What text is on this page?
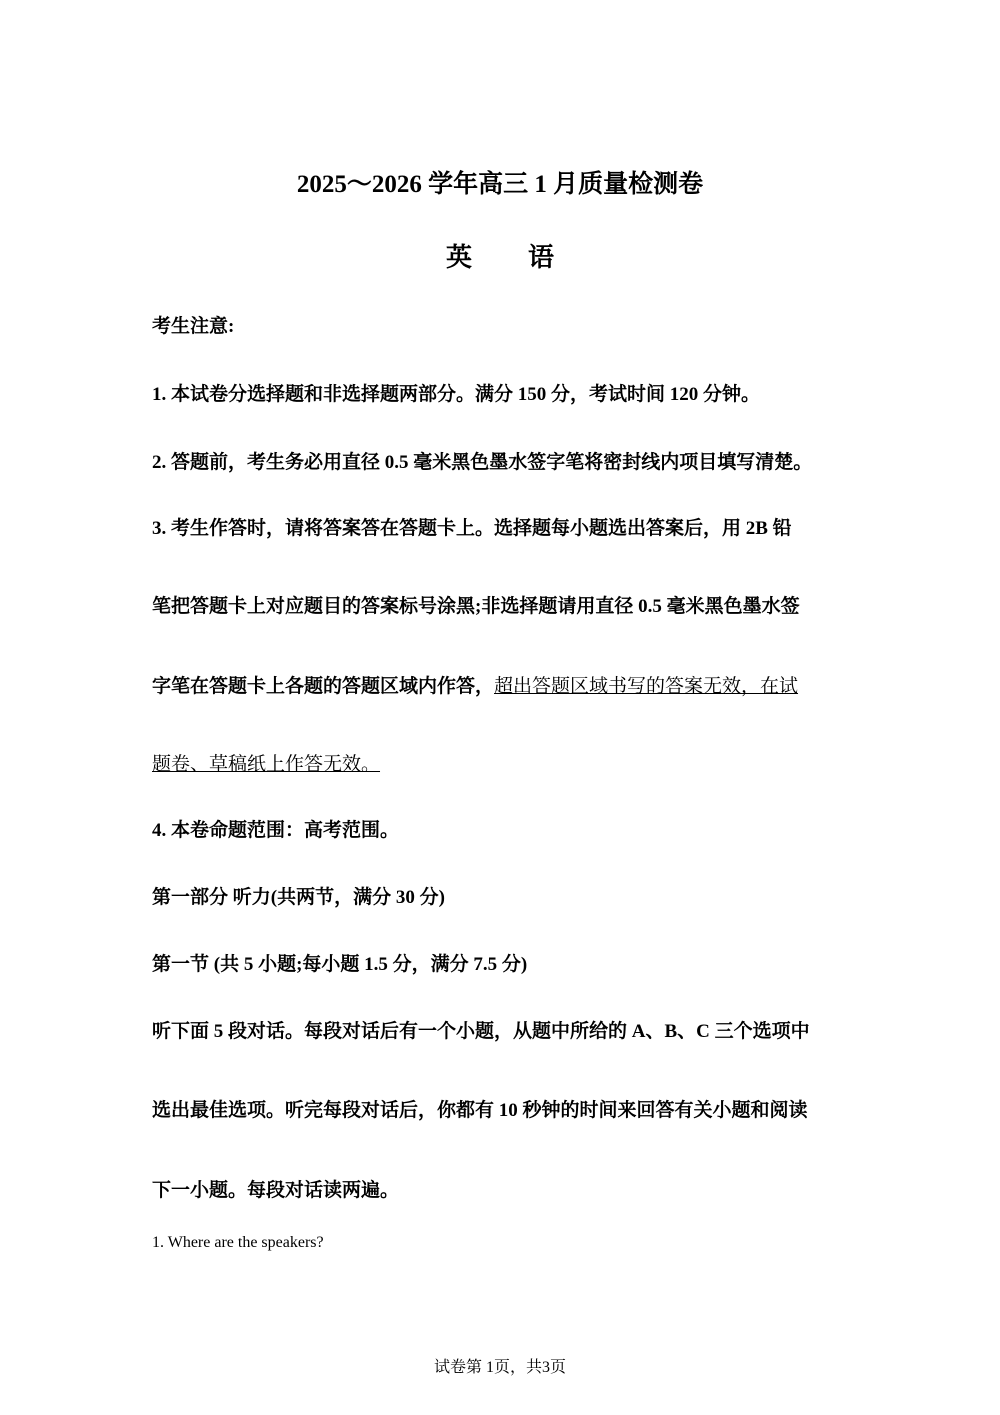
2025～2026 学年高三 1 月质量检测卷
英 语
考生注意:
1. 本试卷分选择题和非选择题两部分。满分 150 分，考试时间 120 分钟。
2. 答题前，考生务必用直径 0.5 毫米黑色墨水签字笔将密封线内项目填写清楚。
3. 考生作答时，请将答案答在答题卡上。选择题每小题选出答案后，用 2B 铅
笔把答题卡上对应题目的答案标号涂黑;非选择题请用直径 0.5 毫米黑色墨水签
字笔在答题卡上各题的答题区域内作答，超出答题区域书写的答案无效，在试
题卷、草稿纸上作答无效。
4. 本卷命题范围：高考范围。
第一部分 听力(共两节，满分 30 分)
第一节 (共 5 小题;每小题 1.5 分，满分 7.5 分)
听下面 5 段对话。每段对话后有一个小题，从题中所给的 A、B、C 三个选项中
选出最佳选项。听完每段对话后，你都有 10 秒钟的时间来回答有关小题和阅读
下一小题。每段对话读两遍。
1. Where are the speakers?
试卷第 1页，共3页
